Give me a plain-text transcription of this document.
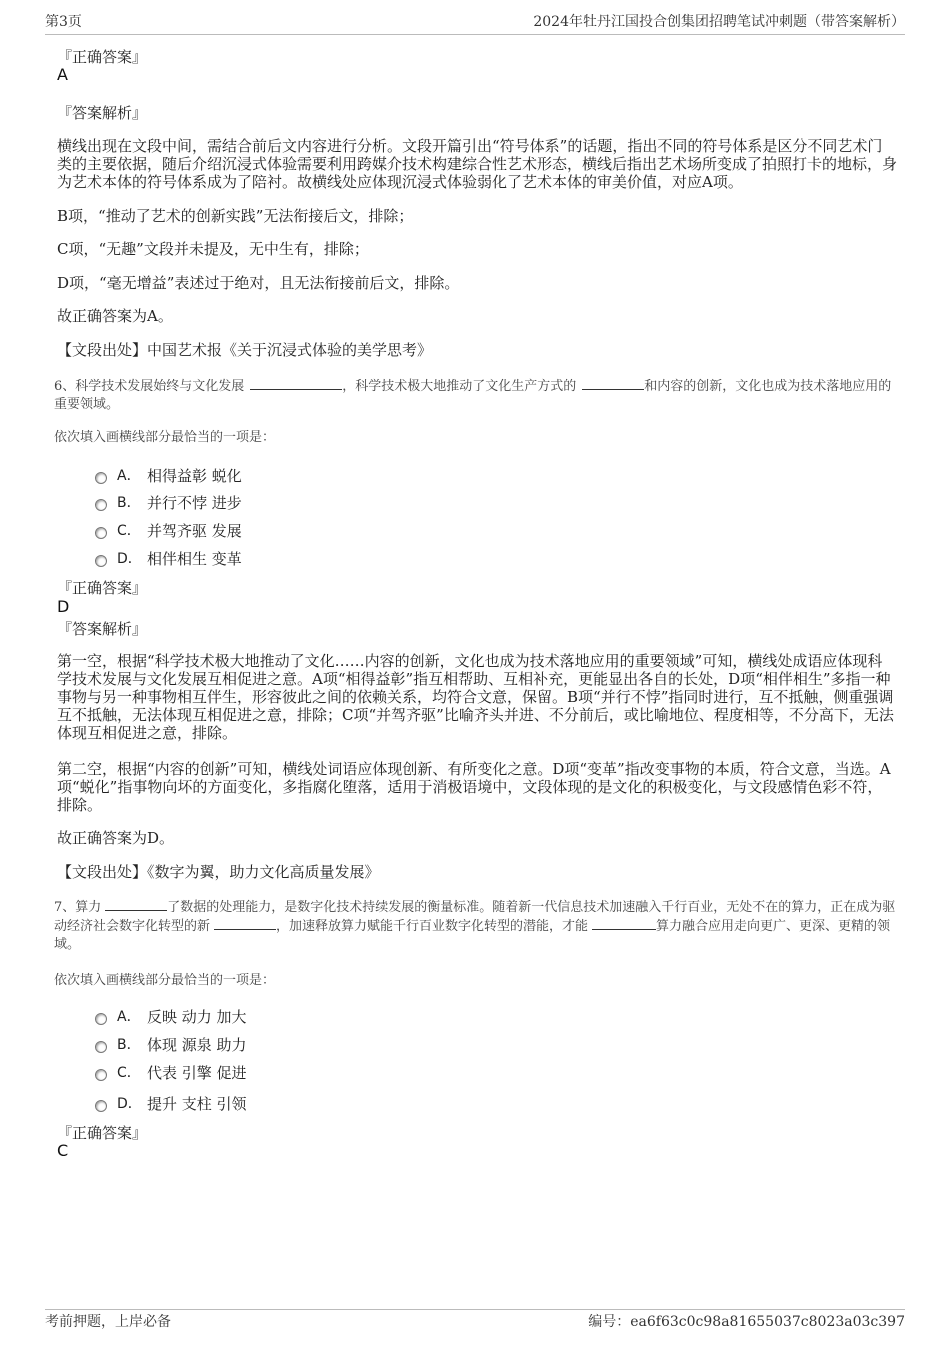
第3页	2024年牡丹江国投合创集团招聘笔试冲刺题（带答案解析）
『正确答案』
A
『答案解析』
横线出现在文段中间，需结合前后文内容进行分析。文段开篇引出“符号体系”的话题，指出不同的符号体系是区分不同艺术门类的主要依据，随后介绍沉浸式体验需要利用跨媒介技术构建综合性艺术形态，横线后指出艺术场所变成了拍照打卡的地标，身为艺术本体的符号体系成为了陪衬。故横线处应体现沉浸式体验弱化了艺术本体的审美价值，对应A项。
B项，“推动了艺术的创新实践”无法衔接后文，排除；
C项，“无趣”文段并未提及，无中生有，排除；
D项，“毫无增益”表述过于绝对，且无法衔接前后文，排除。
故正确答案为A。
【文段出处】中国艺术报《关于沉浸式体验的美学思考》
6、科学技术发展始终与文化发展	，科学技术极大地推动了文化生产方式的	和内容的创新，文化也成为技术落地应用的重要领域。
依次填入画横线部分最恰当的一项是：
A． 相得益彰 蜕化
B． 并行不悖 进步
C． 并驾齐驱 发展
D． 相伴相生 变革
『正确答案』
D
『答案解析』
第一空，根据“科学技术极大地推动了文化……内容的创新，文化也成为技术落地应用的重要领域”可知，横线处成语应体现科学技术发展与文化发展互相促进之意。A项“相得益彰”指互相帮助、互相补充，更能显出各自的长处，D项“相伴相生”多指一种事物与另一种事物相互伴生，形容彼此之间的依赖关系，均符合文意，保留。B项“并行不悖”指同时进行，互不抵触，侧重强调互不抵触，无法体现互相促进之意，排除；C项“并驾齐驱”比喻齐头并进、不分前后，或比喻地位、程度相等，不分高下，无法体现互相促进之意，排除。
第二空，根据“内容的创新”可知，横线处词语应体现创新、有所变化之意。D项“变革”指改变事物的本质，符合文意，当选。A项“蜕化”指事物向坏的方面变化，多指腐化堕落，适用于消极语境中，文段体现的是文化的积极变化，与文段感情色彩不符，排除。
故正确答案为D。
【文段出处】《数字为翼，助力文化高质量发展》
7、算力	了数据的处理能力，是数字化技术持续发展的衡量标准。随着新一代信息技术加速融入千行百业，无处不在的算力，正在成为驱动经济社会数字化转型的新	，加速释放算力赋能千行百业数字化转型的潜能，才能	算力融合应用走向更广、更深、更精的领域。
依次填入画横线部分最恰当的一项是：
A． 反映 动力 加大
B． 体现 源泉 助力
C． 代表 引擎 促进
D． 提升 支柱 引领
『正确答案』
C
考前押题，上岸必备	编号：ea6f63c0c98a81655037c8023a03c397
